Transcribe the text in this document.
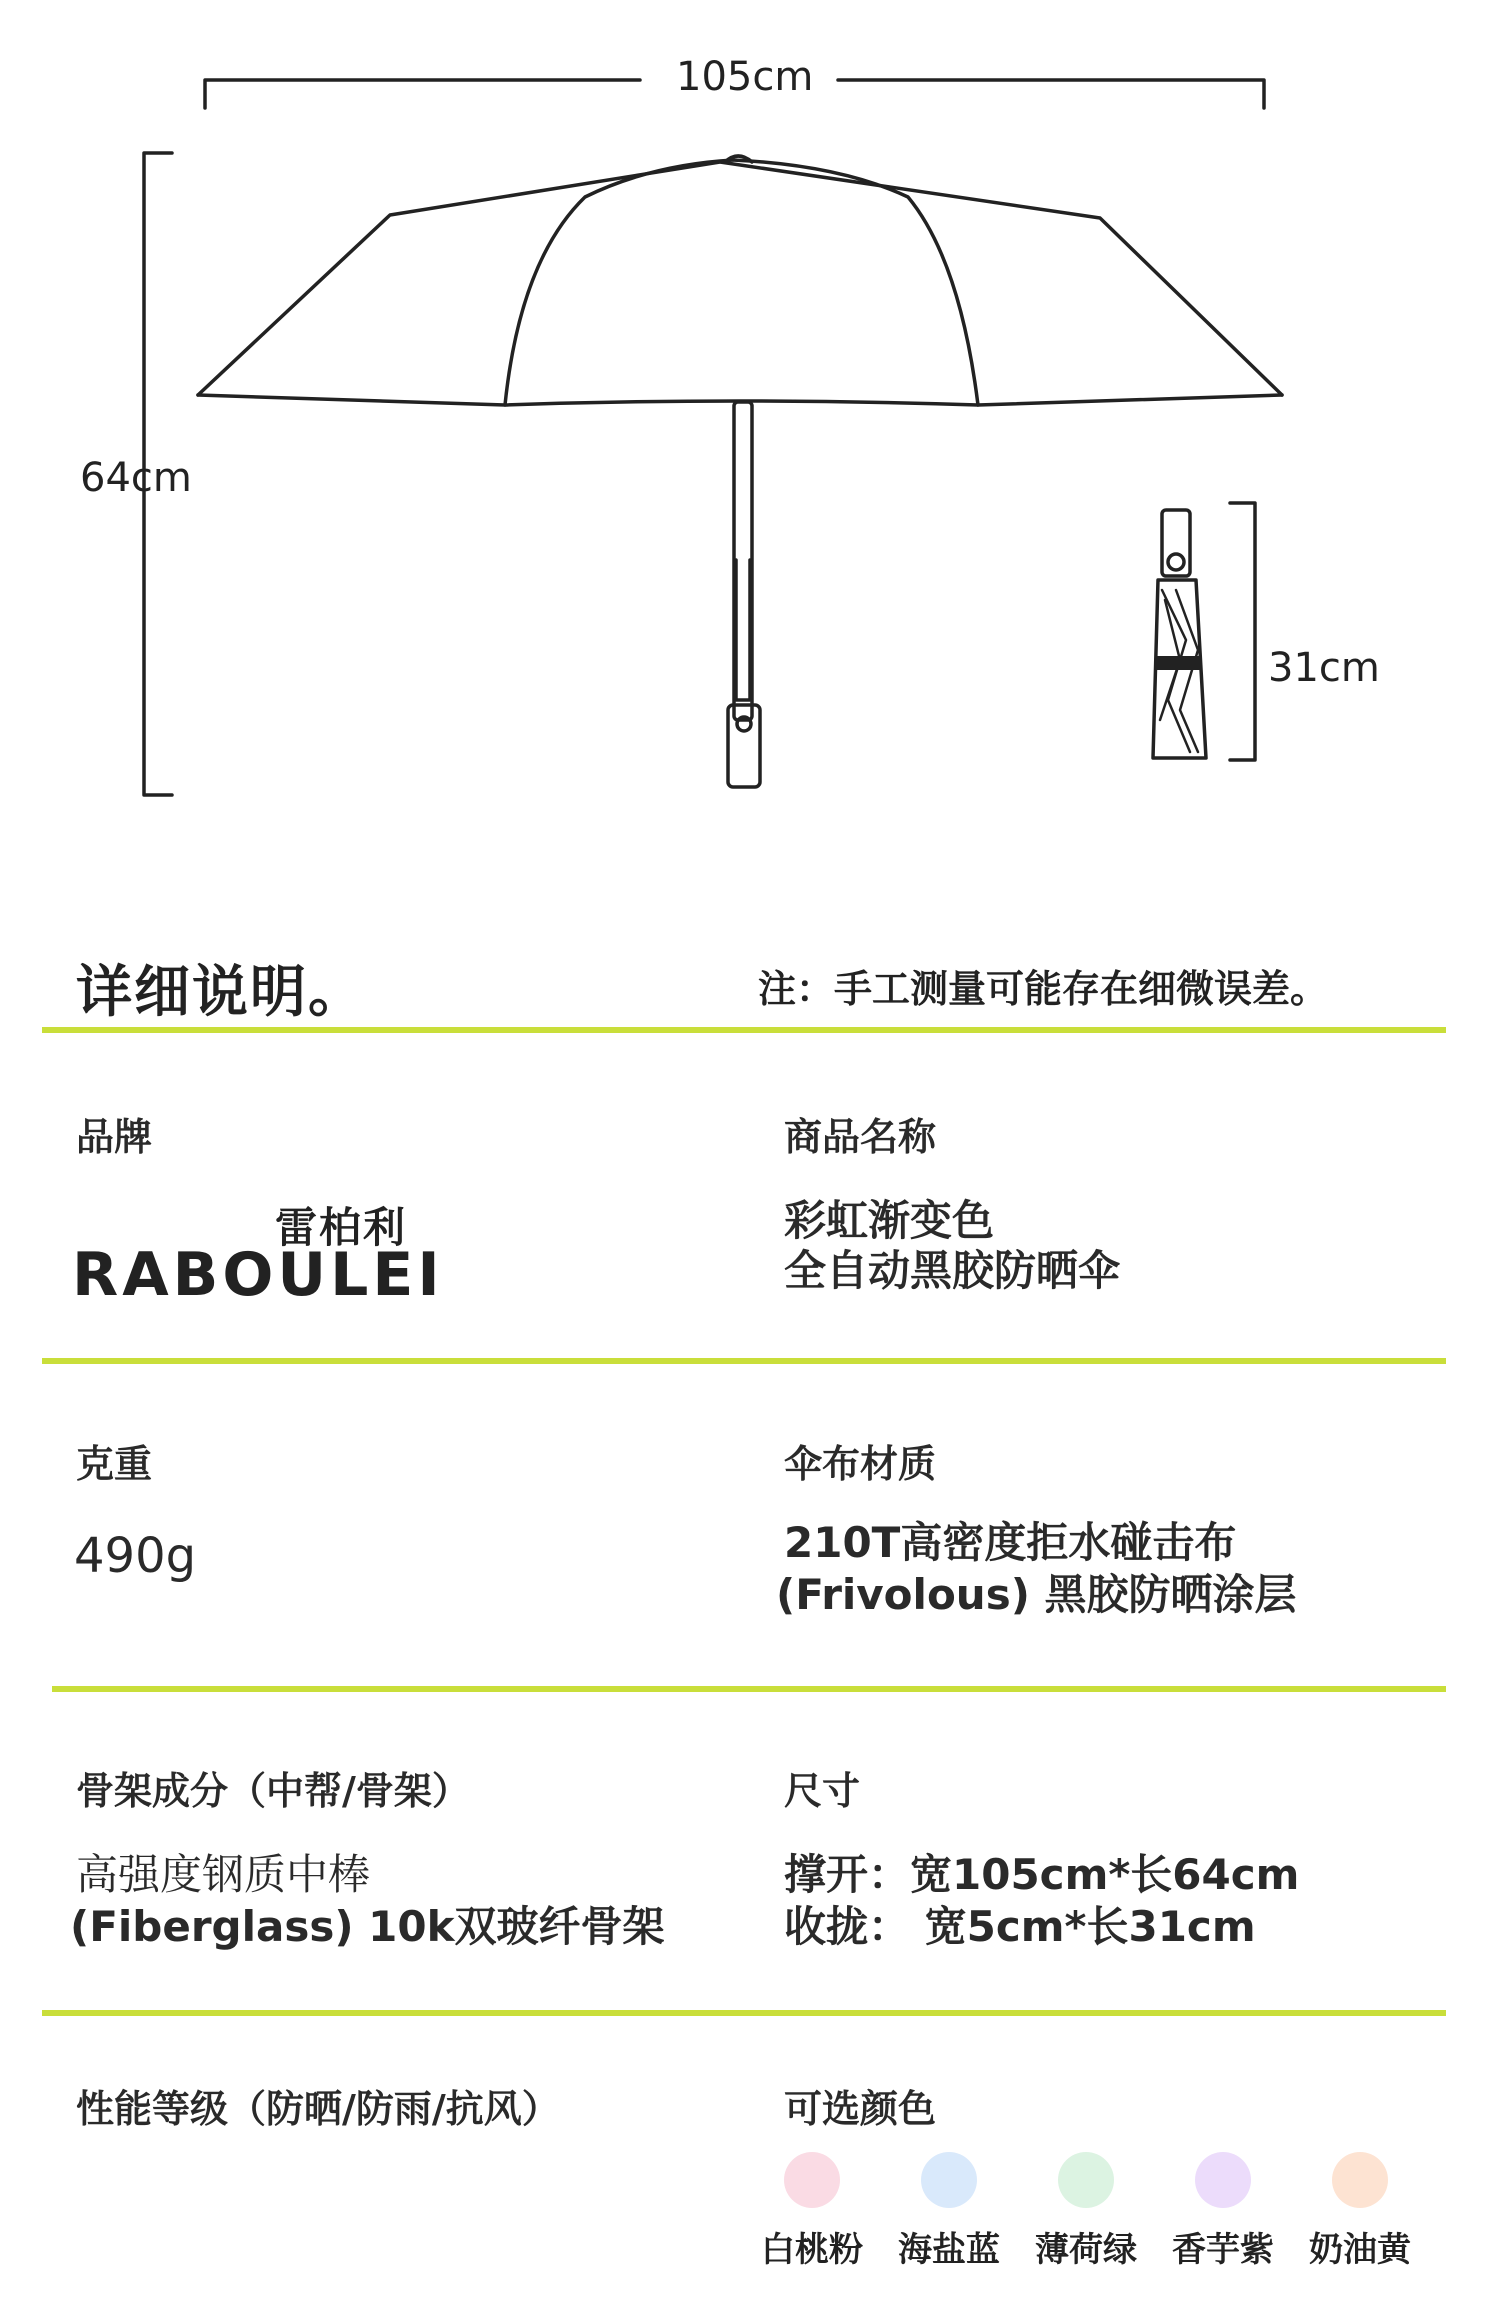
105cm
64cm
31cm
详细说明。	注：手工测量可能存在细微误差。
品牌
雷柏利
RABOULEI
商品名称
彩虹渐变色
全自动黑胶防晒伞
克重
490g
伞布材质
210T高密度拒水碰击布
(Frivolous) 黑胶防晒涂层
骨架成分（中帮/骨架）
高强度钢质中棒
(Fiberglass) 10k双玻纤骨架
尺寸
撑开：宽105cm*长64cm
收拢： 宽5cm*长31cm
性能等级（防晒/防雨/抗风）	可选颜色
白桃粉	海盐蓝	薄荷绿	香芋紫	奶油黄
